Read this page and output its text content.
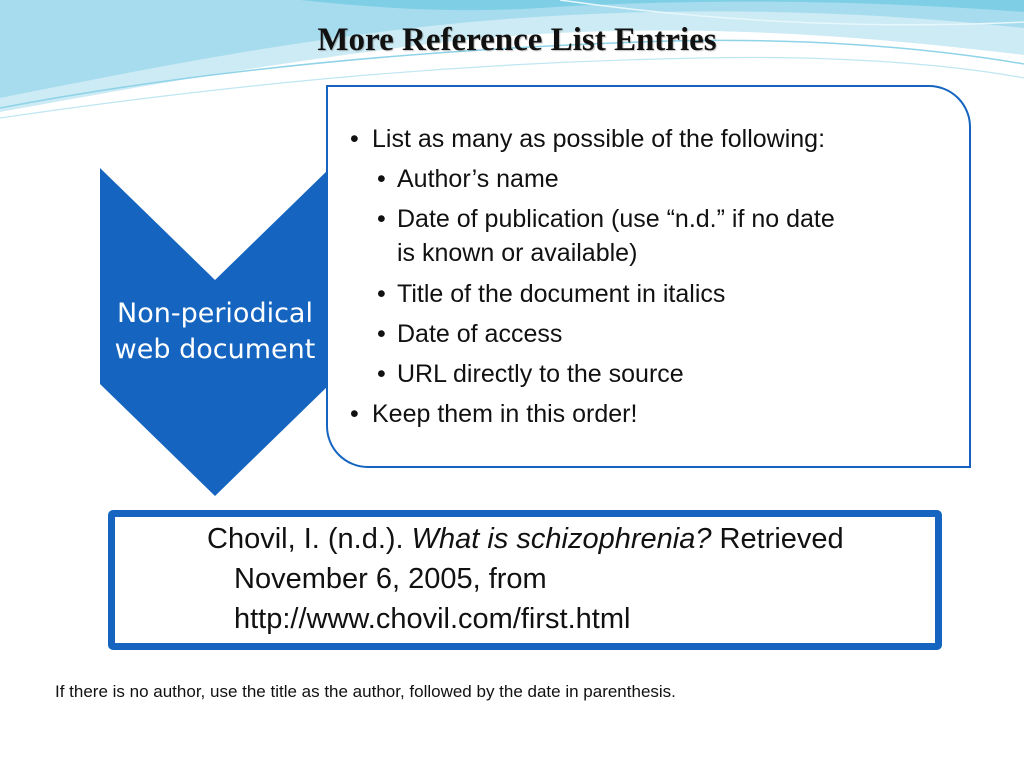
More Reference List Entries
Non-periodical
web document
• List as many as possible of the following:
• Author’s name
• Date of publication (use “n.d.” if no date
is known or available)
• Title of the document in italics
• Date of access
• URL directly to the source
• Keep them in this order!
Chovil, I. (n.d.). What is schizophrenia? Retrieved
November 6, 2005, from
http://www.chovil.com/first.html
If there is no author, use the title as the author, followed by the date in parenthesis.
